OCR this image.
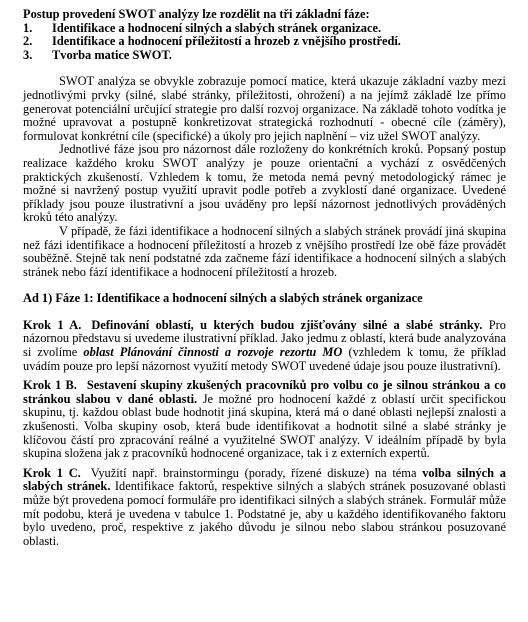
Postup provedení SWOT analýzy lze rozdělit na tři základní fáze:

1.	Identifikace a hodnocení silných a slabých stránek organizace.
2.	Identifikace a hodnocení příležitostí a hrozeb z vnějšího prostředí.
3.	Tvorba matice SWOT.

SWOT analýza se obvykle zobrazuje pomocí matice, která ukazuje základní vazby mezi jednotlivými prvky (silné, slabé stránky, příležitosti, ohrožení) a na jejímž základě lze přímo generovat potenciální určující strategie pro další rozvoj organizace. Na základě tohoto vodítka je možné upravovat a postupně konkretizovat strategická rozhodnutí - obecné cíle (záměry), formulovat konkrétní cíle (specifické) a úkoly pro jejich naplnění – viz užel SWOT analýzy.

Jednotlivé fáze jsou pro názornost dále rozloženy do konkrétních kroků. Popsaný postup realizace každého kroku SWOT analýzy je pouze orientační a vychází z osvědčených praktických zkušeností. Vzhledem k tomu, že metoda nemá pevný metodologický rámec je možné si navržený postup využití upravit podle potřeb a zvyklostí dané organizace. Uvedené příklady jsou pouze ilustrativní a jsou uváděny pro lepší názornost jednotlivých prováděných kroků této analýzy.

V případě, že fázi identifikace a hodnocení silných a slabých stránek provádí jiná skupina než fázi identifikace a hodnocení příležitostí a hrozeb z vnějšího prostředí lze obě fáze provádět souběžně. Stejně tak není podstatné zda začneme fází identifikace a hodnocení silných a slabých stránek nebo fází identifikace a hodnocení příležitostí a hrozeb.

Ad 1) Fáze 1: Identifikace a hodnocení silných a slabých stránek organizace

Krok 1 A. Definování oblastí, u kterých budou zjišťovány silné a slabé stránky. Pro názornou představu si uvedeme ilustrativní příklad. Jako jedmu z oblastí, která bude analyzována si zvolíme oblast Plánování činnosti a rozvoje rezortu MO (vzhledem k tomu, že příklad uvádím pouze pro lepší názornost využití metody SWOT uvedené údaje jsou pouze ilustrativní).

Krok 1 B. Sestavení skupiny zkušených pracovníků pro volbu co je silnou stránkou a co stránkou slabou v dané oblasti. Je možné pro hodnocení každé z oblastí určit specifickou skupinu, tj. každou oblast bude hodnotit jiná skupina, která má o dané oblasti nejlepší znalosti a zkušenosti. Volba skupiny osob, která bude identifikovat a hodnotit silné a slabé stránky je klíčovou částí pro zpracování reálné a využitelné SWOT analýzy. V ideálním případě by byla skupina složena jak z pracovníků hodnocené organizace, tak i z externích expertů.

Krok 1 C. Využití např. brainstormingu (porady, řízené diskuze) na téma volba silných a slabých stránek. Identifikace faktorů, respektive silných a slabých stránek posuzované oblasti může být provedena pomocí formuláře pro identifikaci silných a slabých stránek. Formulář může mít podobu, která je uvedena v tabulce 1. Podstatné je, aby u každého identifikovaného faktoru bylo uvedeno, proč, respektive z jakého důvodu je silnou nebo slabou stránkou posuzované oblasti.
